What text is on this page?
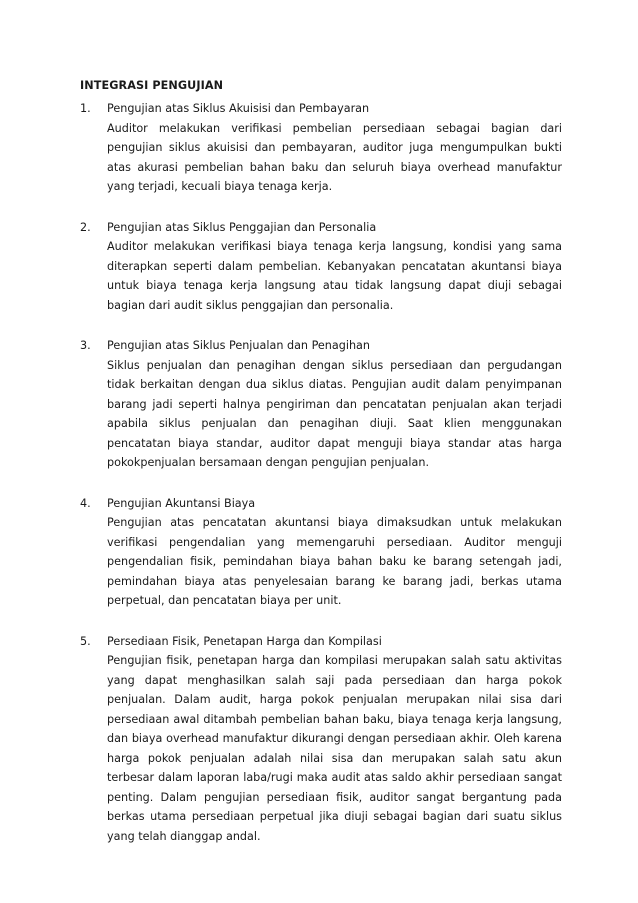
INTEGRASI PENGUJIAN
1. Pengujian atas Siklus Akuisisi dan Pembayaran
Auditor melakukan verifikasi pembelian persediaan sebagai bagian dari pengujian siklus akuisisi dan pembayaran, auditor juga mengumpulkan bukti atas akurasi pembelian bahan baku dan seluruh biaya overhead manufaktur yang terjadi, kecuali biaya tenaga kerja.
2. Pengujian atas Siklus Penggajian dan Personalia
Auditor melakukan verifikasi biaya tenaga kerja langsung, kondisi yang sama diterapkan seperti dalam pembelian. Kebanyakan pencatatan akuntansi biaya untuk biaya tenaga kerja langsung atau tidak langsung dapat diuji sebagai bagian dari audit siklus penggajian dan personalia.
3. Pengujian atas Siklus Penjualan dan Penagihan
Siklus penjualan dan penagihan dengan siklus persediaan dan pergudangan tidak berkaitan dengan dua siklus diatas. Pengujian audit dalam penyimpanan barang jadi seperti halnya pengiriman dan pencatatan penjualan akan terjadi apabila siklus penjualan dan penagihan diuji. Saat klien menggunakan pencatatan biaya standar, auditor dapat menguji biaya standar atas harga pokokpenjualan bersamaan dengan pengujian penjualan.
4. Pengujian Akuntansi Biaya
Pengujian atas pencatatan akuntansi biaya dimaksudkan untuk melakukan verifikasi pengendalian yang memengaruhi persediaan. Auditor menguji pengendalian fisik, pemindahan biaya bahan baku ke barang setengah jadi, pemindahan biaya atas penyelesaian barang ke barang jadi, berkas utama perpetual, dan pencatatan biaya per unit.
5. Persediaan Fisik, Penetapan Harga dan Kompilasi
Pengujian fisik, penetapan harga dan kompilasi merupakan salah satu aktivitas yang dapat menghasilkan salah saji pada persediaan dan harga pokok penjualan. Dalam audit, harga pokok penjualan merupakan nilai sisa dari persediaan awal ditambah pembelian bahan baku, biaya tenaga kerja langsung, dan biaya overhead manufaktur dikurangi dengan persediaan akhir. Oleh karena harga pokok penjualan adalah nilai sisa dan merupakan salah satu akun terbesar dalam laporan laba/rugi maka audit atas saldo akhir persediaan sangat penting. Dalam pengujian persediaan fisik, auditor sangat bergantung pada berkas utama persediaan perpetual jika diuji sebagai bagian dari suatu siklus yang telah dianggap andal.
